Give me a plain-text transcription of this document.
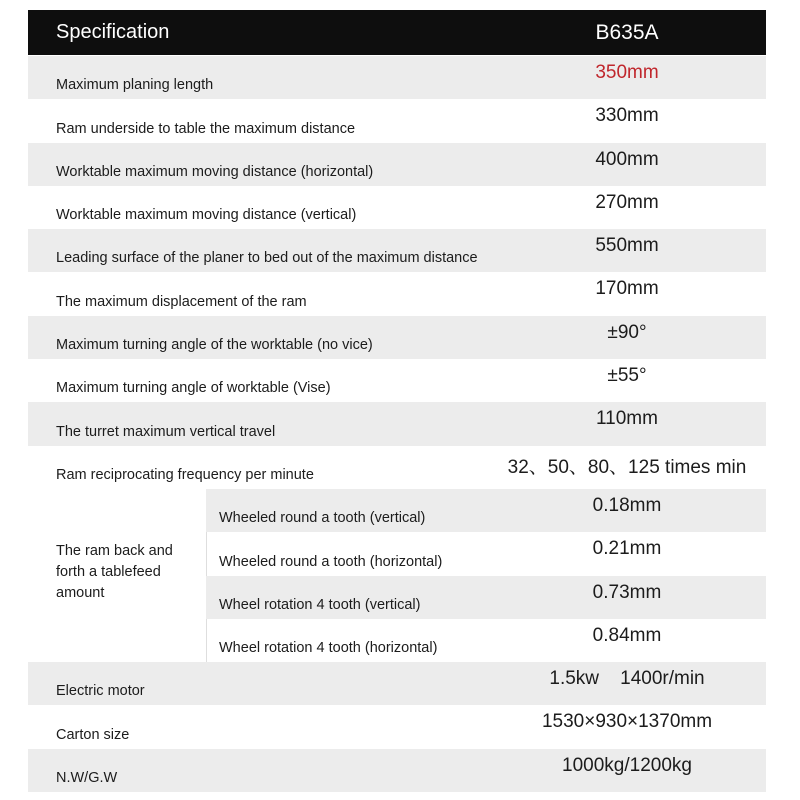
Specification	B635A
Maximum planing length
350mm
Ram underside to table the maximum distance
330mm
Worktable maximum moving distance (horizontal)
400mm
Worktable maximum moving distance (vertical)
270mm
Leading surface of the planer to bed out of the maximum distance
550mm
The maximum displacement of the ram
170mm
Maximum turning angle of the worktable (no vice)
±90°
Maximum turning angle of worktable (Vise)
±55°
The turret maximum vertical travel
110mm
Ram reciprocating frequency per minute	32、50、80、125 times min
The ram back and
forth a tablefeed
amount
Wheeled round a tooth (vertical)
0.18mm
Wheeled round a tooth (horizontal)
0.21mm
Wheel rotation 4 tooth (vertical)
0.73mm
Wheel rotation 4 tooth (horizontal)
0.84mm
Electric motor
1.5kw    1400r/min
Carton size
1530×930×1370mm
N.W/G.W
1000kg/1200kg
